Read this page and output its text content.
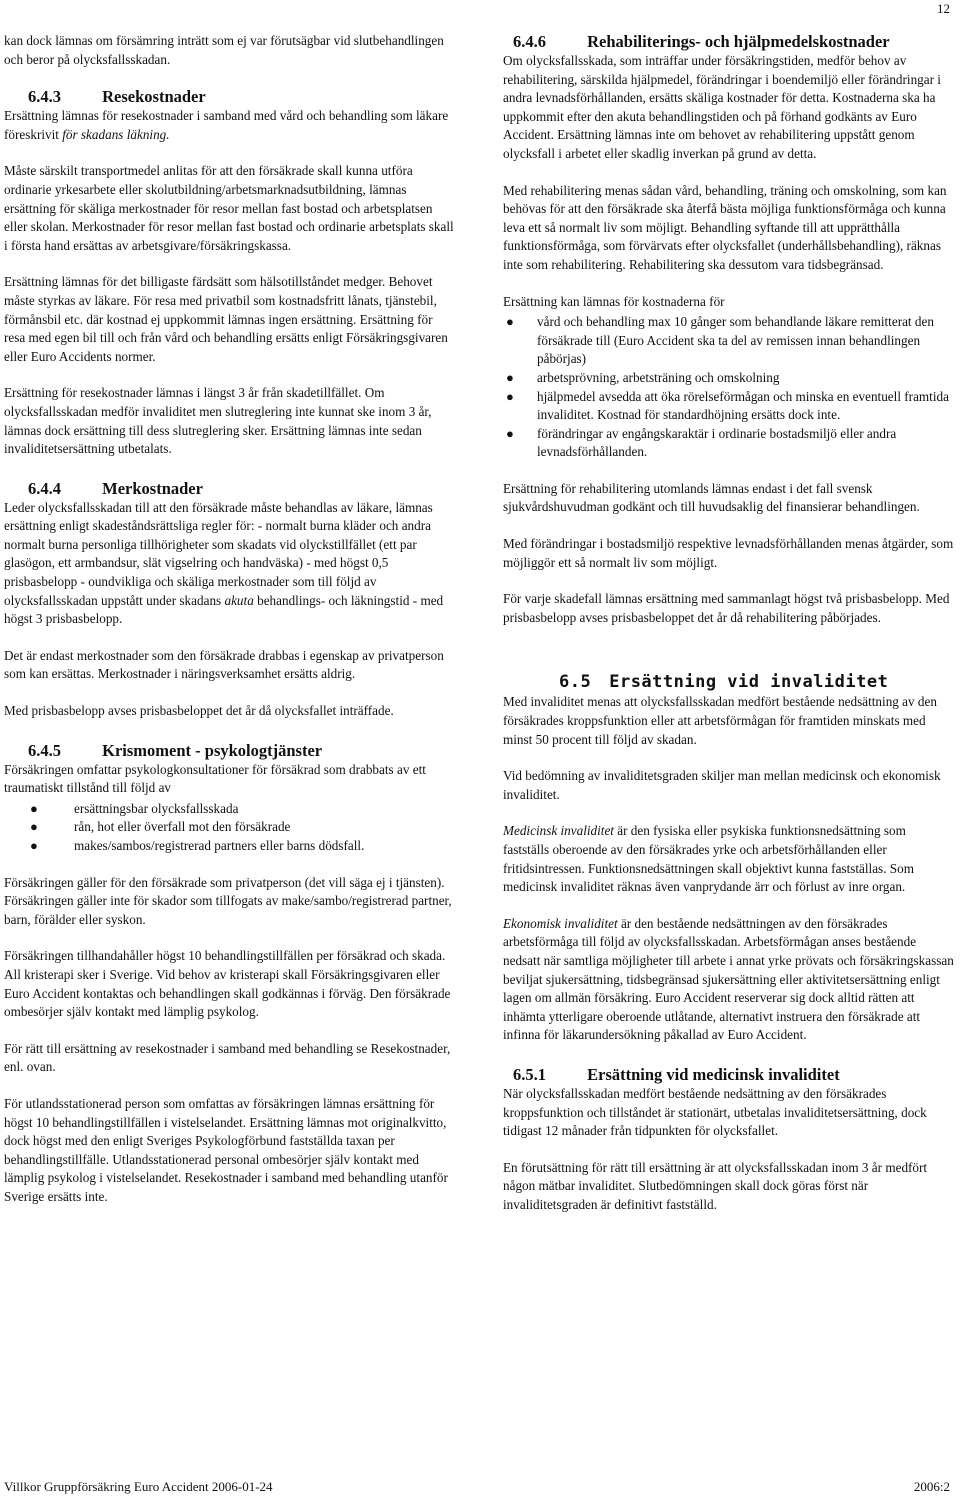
12

kan dock lämnas om försämring inträtt som ej var förutsägbar vid slutbehandlingen och beror på olycksfallsskadan.

6.4.3 Resekostnader

Ersättning lämnas för resekostnader i samband med vård och behandling som läkare föreskrivit för skadans läkning.

Måste särskilt transportmedel anlitas för att den försäkrade skall kunna utföra ordinarie yrkesarbete eller skolutbildning/arbetsmarknadsutbildning, lämnas ersättning för skäliga merkostnader för resor mellan fast bostad och arbetsplatsen eller skolan. Merkostnader för resor mellan fast bostad och ordinarie arbetsplats skall i första hand ersättas av arbetsgivare/försäkringskassa.

Ersättning lämnas för det billigaste färdsätt som hälsotillståndet medger. Behovet måste styrkas av läkare. För resa med privatbil som kostnadsfritt lånats, tjänstebil, förmånsbil etc. där kostnad ej uppkommit lämnas ingen ersättning. Ersättning för resa med egen bil till och från vård och behandling ersätts enligt Försäkringsgivaren eller Euro Accidents normer.

Ersättning för resekostnader lämnas i längst 3 år från skadetillfället. Om olycksfallsskadan medför invaliditet men slutreglering inte kunnat ske inom 3 år, lämnas dock ersättning till dess slutreglering sker. Ersättning lämnas inte sedan invaliditetsersättning utbetalats.

6.4.4 Merkostnader

Leder olycksfallsskadan till att den försäkrade måste behandlas av läkare, lämnas ersättning enligt skadeståndsrättsliga regler för: - normalt burna kläder och andra normalt burna personliga tillhörigheter som skadats vid olyckstillfället (ett par glasögon, ett armbandsur, slät vigselring och handväska) - med högst 0,5 prisbasbelopp - oundvikliga och skäliga merkostnader som till följd av olycksfallsskadan uppstått under skadans akuta behandlings- och läkningstid - med högst 3 prisbasbelopp.

Det är endast merkostnader som den försäkrade drabbas i egenskap av privatperson som kan ersättas. Merkostnader i näringsverksamhet ersätts aldrig.

Med prisbasbelopp avses prisbasbeloppet det år då olycksfallet inträffade.

6.4.5 Krismoment - psykologtjänster

Försäkringen omfattar psykologkonsultationer för försäkrad som drabbats av ett traumatiskt tillstånd till följd av

●	ersättningsbar olycksfallsskada
●	rån, hot eller överfall mot den försäkrade
●	makes/sambos/registrerad partners eller barns dödsfall.

Försäkringen gäller för den försäkrade som privatperson (det vill säga ej i tjänsten). Försäkringen gäller inte för skador som tillfogats av make/sambo/registrerad partner, barn, förälder eller syskon.

Försäkringen tillhandahåller högst 10 behandlingstillfällen per försäkrad och skada. All kristerapi sker i Sverige. Vid behov av kristerapi skall Försäkringsgivaren eller Euro Accident kontaktas och behandlingen skall godkännas i förväg. Den försäkrade ombesörjer själv kontakt med lämplig psykolog.

För rätt till ersättning av resekostnader i samband med behandling se Resekostnader, enl. ovan.

För utlandsstationerad person som omfattas av försäkringen lämnas ersättning för högst 10 behandlingstillfällen i vistelselandet. Ersättning lämnas mot originalkvitto, dock högst med den enligt Sveriges Psykologförbund fastställda taxan per behandlingstillfälle. Utlandsstationerad personal ombesörjer själv kontakt med lämplig psykolog i vistelselandet. Resekostnader i samband med behandling utanför Sverige ersätts inte.

6.4.6 Rehabiliterings- och hjälpmedelskostnader

Om olycksfallsskada, som inträffar under försäkringstiden, medför behov av rehabilitering, särskilda hjälpmedel, förändringar i boendemiljö eller förändringar i andra levnadsförhållanden, ersätts skäliga kostnader för detta. Kostnaderna ska ha uppkommit efter den akuta behandlingstiden och på förhand godkänts av Euro Accident. Ersättning lämnas inte om behovet av rehabilitering uppstått genom olycksfall i arbetet eller skadlig inverkan på grund av detta.

Med rehabilitering menas sådan vård, behandling, träning och omskolning, som kan behövas för att den försäkrade ska återfå bästa möjliga funktionsförmåga och kunna leva ett så normalt liv som möjligt. Behandling syftande till att upprätthålla funktionsförmåga, som förvärvats efter olycksfallet (underhållsbehandling), räknas inte som rehabilitering. Rehabilitering ska dessutom vara tidsbegränsad.

Ersättning kan lämnas för kostnaderna för

● vård och behandling max 10 gånger som behandlande läkare remitterat den försäkrade till (Euro Accident ska ta del av remissen innan behandlingen påbörjas)
● arbetsprövning, arbetsträning och omskolning
● hjälpmedel avsedda att öka rörelseförmågan och minska en eventuell framtida invaliditet. Kostnad för standardhöjning ersätts dock inte.
● förändringar av engångskaraktär i ordinarie bostadsmiljö eller andra levnadsförhållanden.

Ersättning för rehabilitering utomlands lämnas endast i det fall svensk sjukvårdshuvudman godkänt och till huvudsaklig del finansierar behandlingen.

Med förändringar i bostadsmiljö respektive levnadsförhållanden menas åtgärder, som möjliggör ett så normalt liv som möjligt.

För varje skadefall lämnas ersättning med sammanlagt högst två prisbasbelopp. Med prisbasbelopp avses prisbasbeloppet det år då rehabilitering påbörjades.

6.5 Ersättning vid invaliditet

Med invaliditet menas att olycksfallsskadan medfört bestående nedsättning av den försäkrades kroppsfunktion eller att arbetsförmågan för framtiden minskats med minst 50 procent till följd av skadan.

Vid bedömning av invaliditetsgraden skiljer man mellan medicinsk och ekonomisk invaliditet.

Medicinsk invaliditet är den fysiska eller psykiska funktionsnedsättning som fastställs oberoende av den försäkrades yrke och arbetsförhållanden eller fritidsintressen. Funktionsnedsättningen skall objektivt kunna fastställas. Som medicinsk invaliditet räknas även vanprydande ärr och förlust av inre organ.

Ekonomisk invaliditet är den bestående nedsättningen av den försäkrades arbetsförmåga till följd av olycksfallsskadan. Arbetsförmågan anses bestående nedsatt när samtliga möjligheter till arbete i annat yrke prövats och försäkringskassan beviljat sjukersättning, tidsbegränsad sjukersättning eller aktivitetsersättning enligt lagen om allmän försäkring. Euro Accident reserverar sig dock alltid rätten att inhämta ytterligare oberoende utlåtande, alternativt instruera den försäkrade att infinna för läkarundersökning påkallad av Euro Accident.

6.5.1 Ersättning vid medicinsk invaliditet

När olycksfallsskadan medfört bestående nedsättning av den försäkrades kroppsfunktion och tillståndet är stationärt, utbetalas invaliditetsersättning, dock tidigast 12 månader från tidpunkten för olycksfallet.

En förutsättning för rätt till ersättning är att olycksfallsskadan inom 3 år medfört någon mätbar invaliditet. Slutbedömningen skall dock göras först när invaliditetsgraden är definitivt fastställd.

Villkor Gruppförsäkring Euro Accident 2006-01-24	2006:2
